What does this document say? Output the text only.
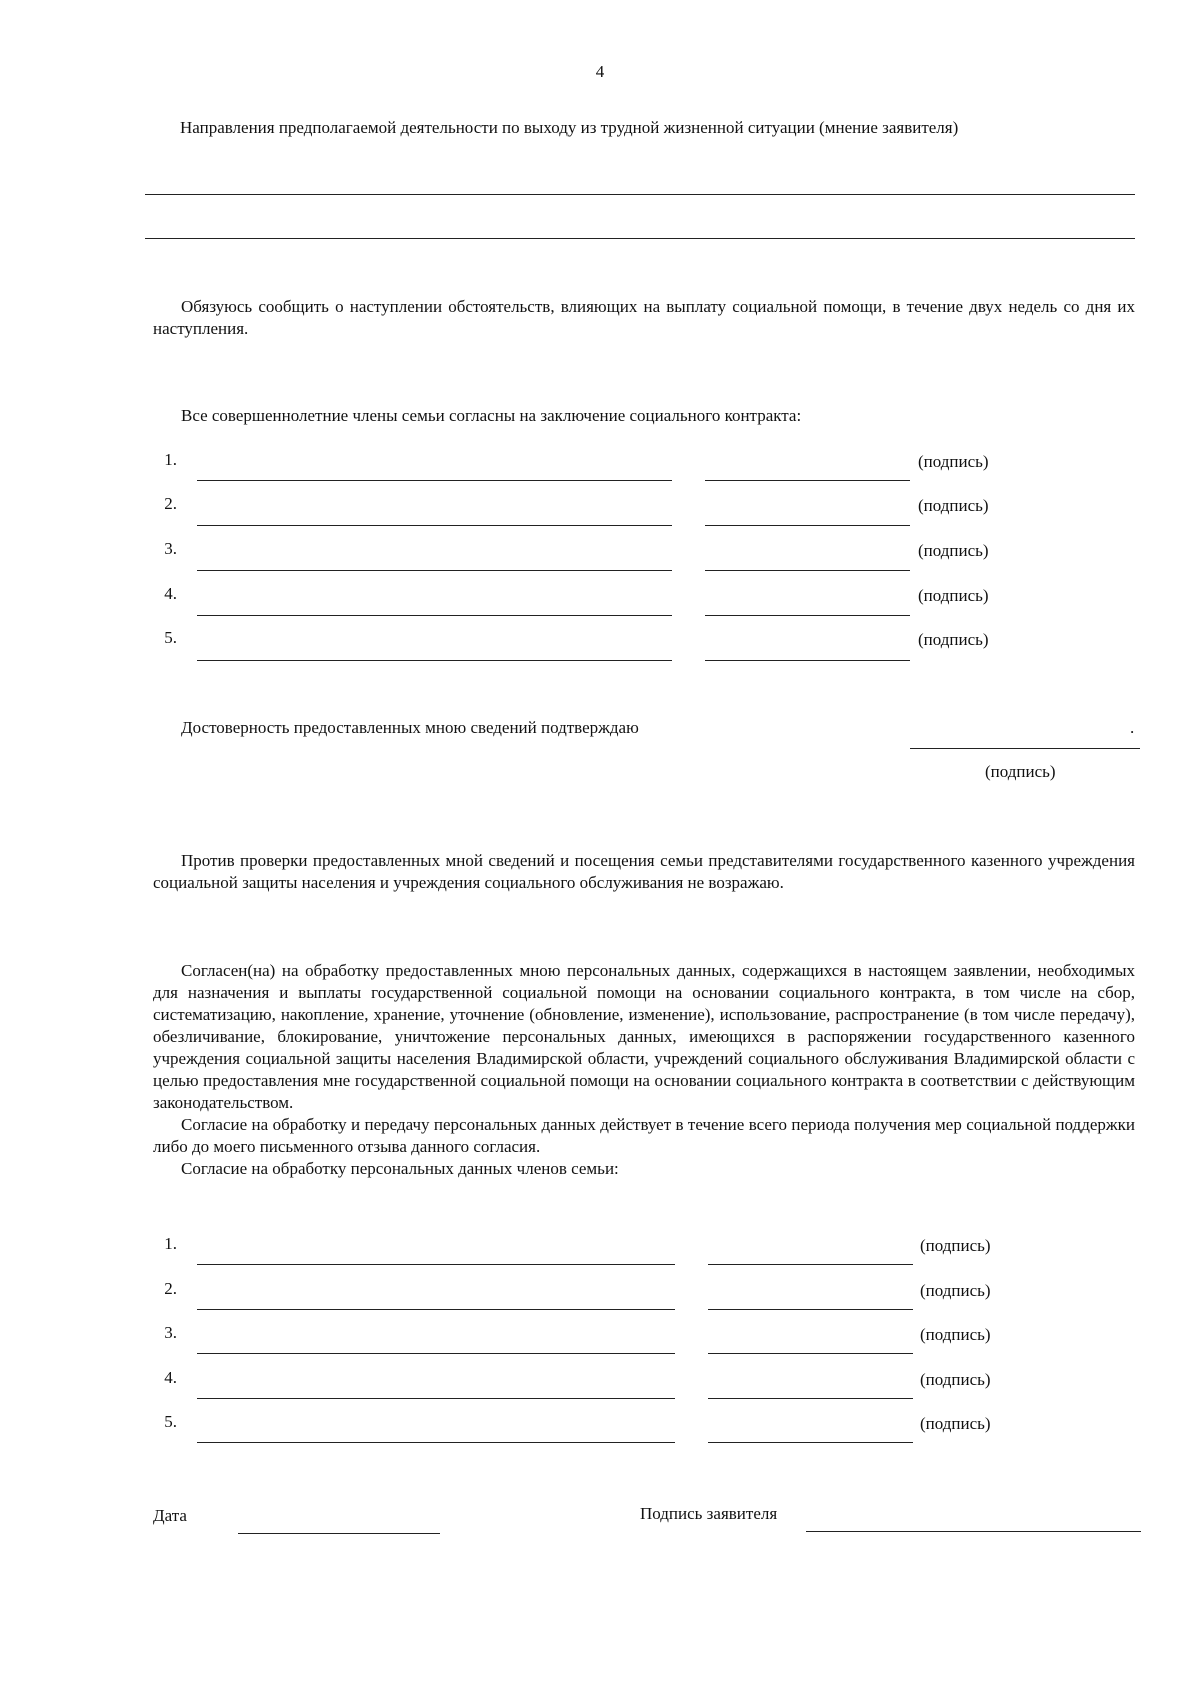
4
Направления предполагаемой деятельности по выходу из трудной жизненной ситуации (мнение заявителя)

Обязуюсь сообщить о наступлении обстоятельств, влияющих на выплату социальной помощи, в течение двух недель со дня их наступления.

Все совершеннолетние члены семьи согласны на заключение социального контракта:
1.	(подпись)
2.	(подпись)
3.	(подпись)
4.	(подпись)
5.	(подпись)
Достоверность предоставленных мною сведений подтверждаю	.
(подпись)

Против проверки предоставленных мной сведений и посещения семьи представителями государственного казенного учреждения социальной защиты населения и учреждения социального обслуживания не возражаю.

Согласен(на) на обработку предоставленных мною персональных данных, содержащихся в настоящем заявлении, необходимых для назначения и выплаты государственной социальной помощи на основании социального контракта, в том числе на сбор, систематизацию, накопление, хранение, уточнение (обновление, изменение), использование, распространение (в том числе передачу), обезличивание, блокирование, уничтожение персональных данных, имеющихся в распоряжении государственного казенного учреждения социальной защиты населения Владимирской области, учреждений социального обслуживания Владимирской области с целью предоставления мне государственной социальной помощи на основании социального контракта в соответствии с действующим законодательством.

Согласие на обработку и передачу персональных данных действует в течение всего периода получения мер социальной поддержки либо до моего письменного отзыва данного согласия.

Согласие на обработку персональных данных членов семьи:

1.	(подпись)
2.	(подпись)
3.	(подпись)
4.	(подпись)
5.	(подпись)
Дата	Подпись заявителя
